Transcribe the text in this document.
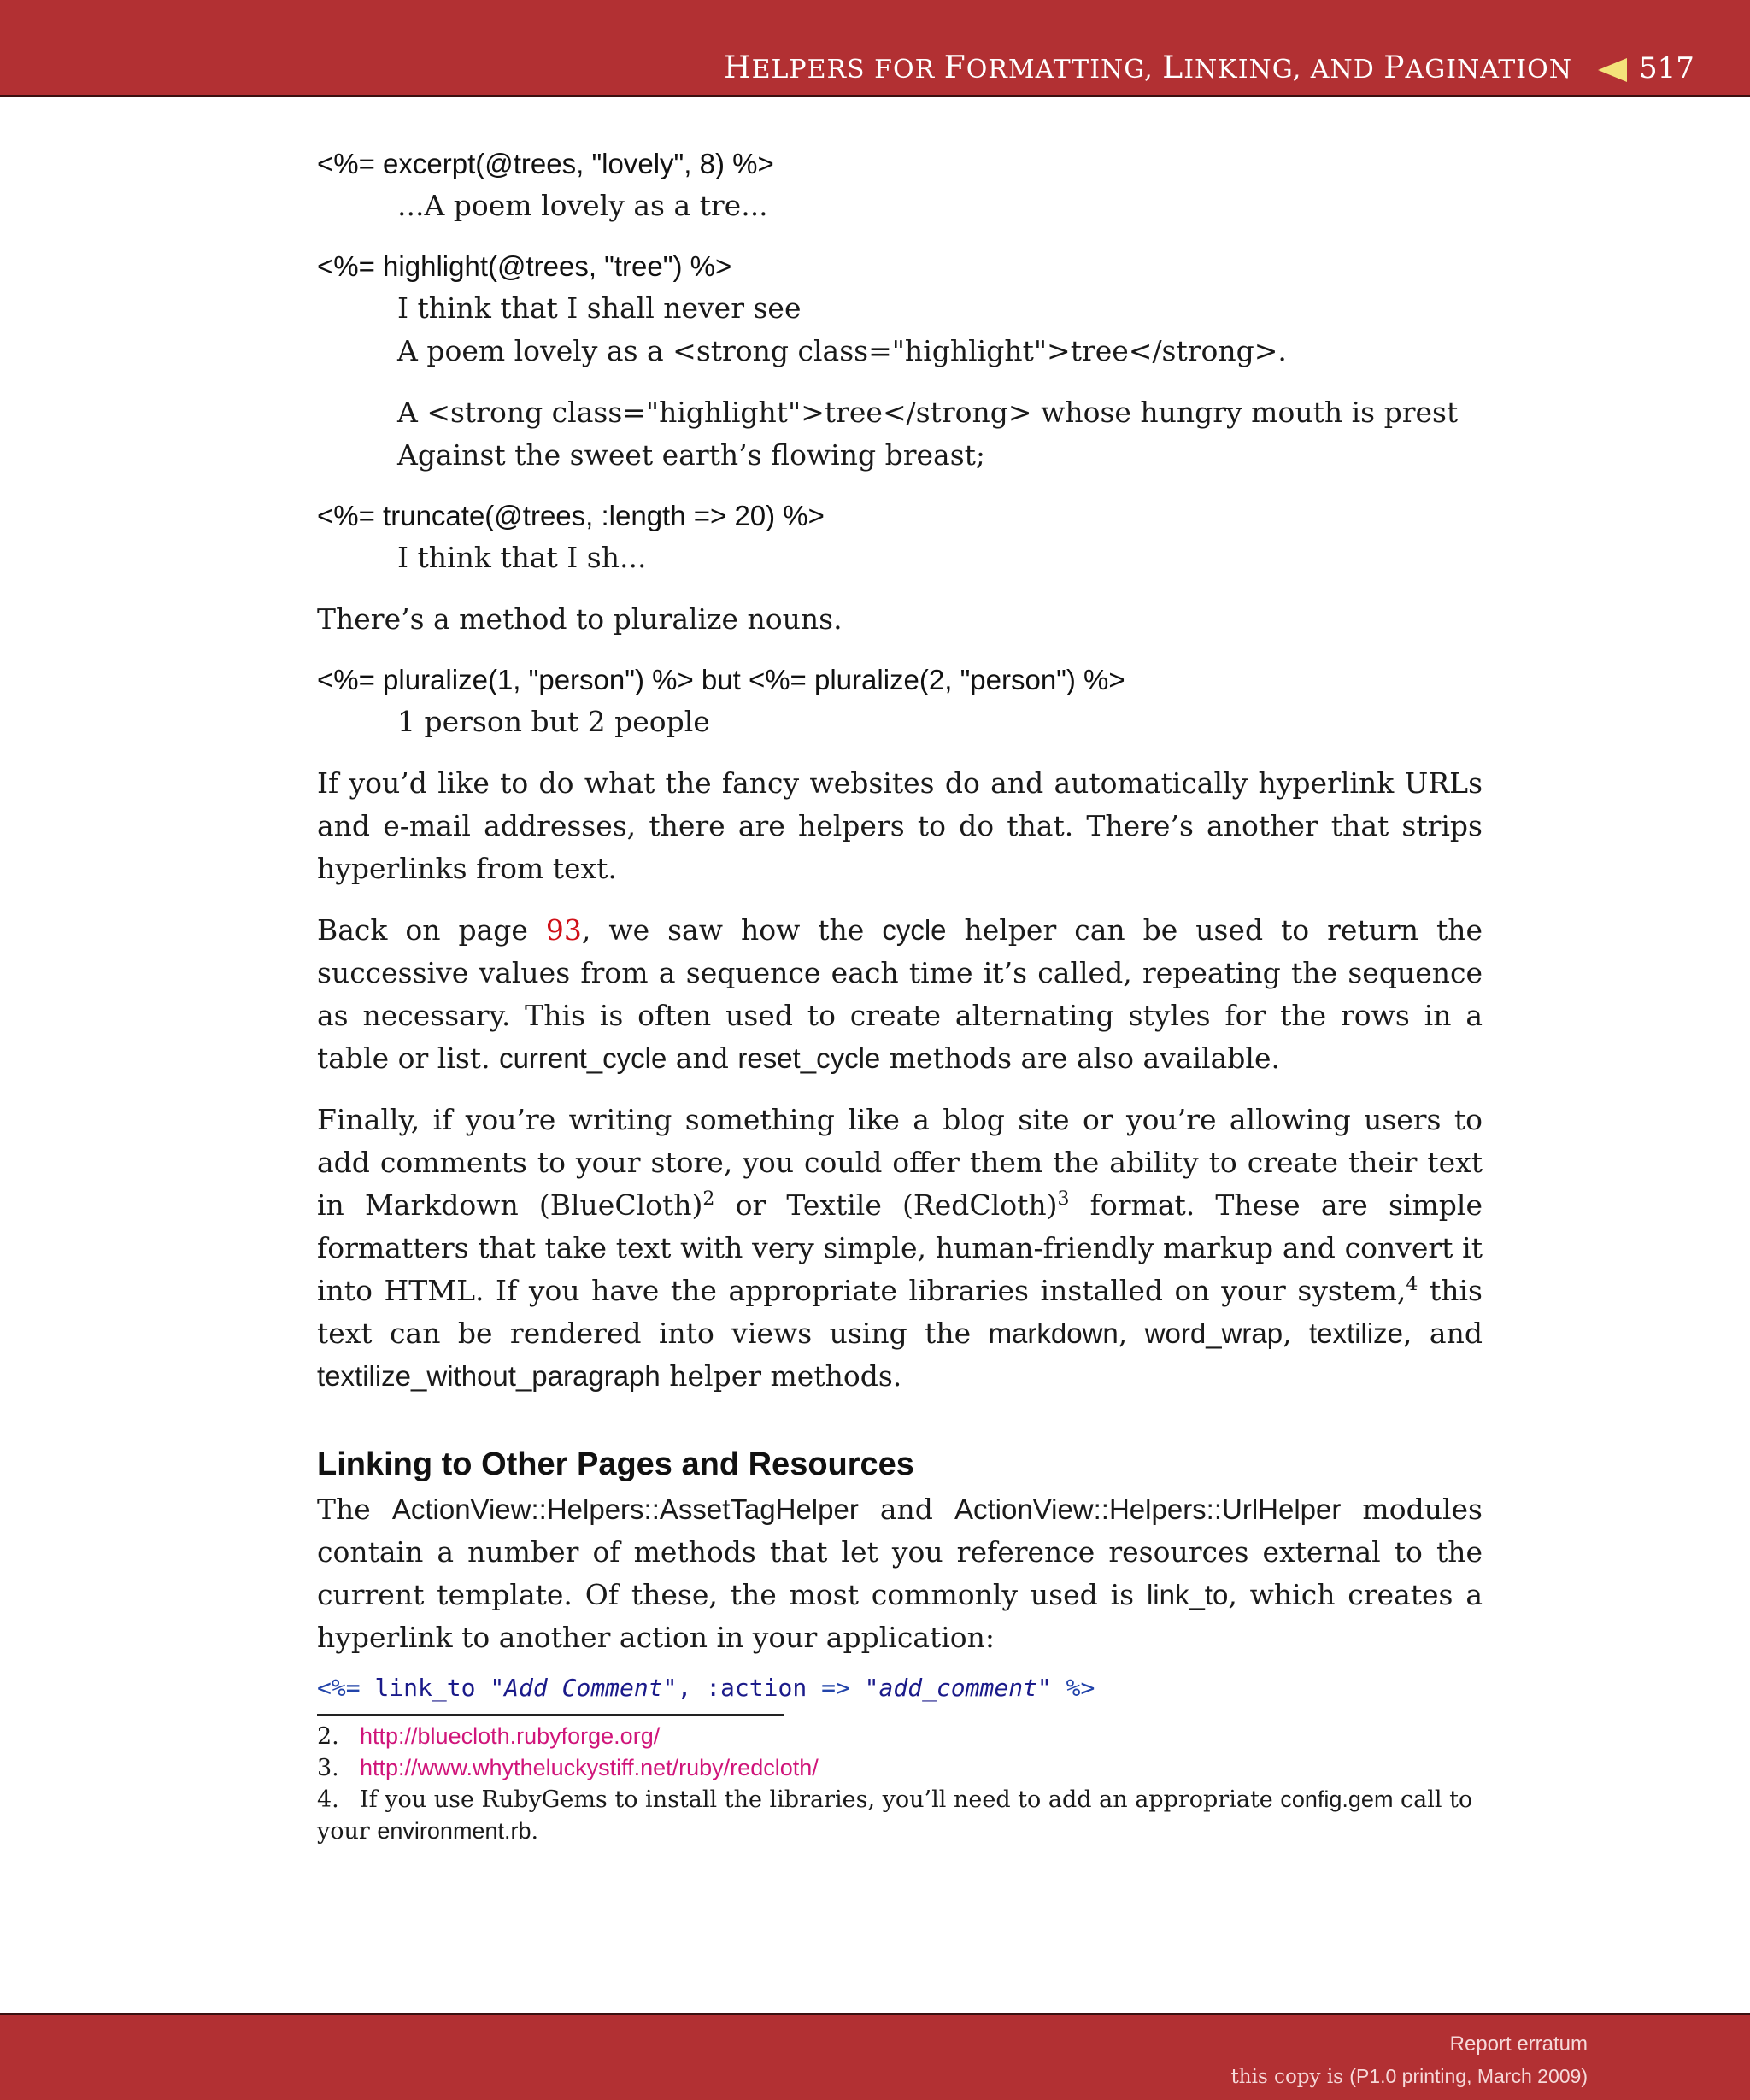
HELPERS FOR FORMATTING, LINKING, AND PAGINATION 517
<%= excerpt(@trees, "lovely", 8) %>
...A poem lovely as a tre...
<%= highlight(@trees, "tree") %>
I think that I shall never see
A poem lovely as a <strong class="highlight">tree</strong>.
A <strong class="highlight">tree</strong> whose hungry mouth is prest
Against the sweet earth’s flowing breast;
<%= truncate(@trees, :length => 20) %>
I think that I sh...

There’s a method to pluralize nouns.

<%= pluralize(1, "person") %> but <%= pluralize(2, "person") %>
1 person but 2 people

If you’d like to do what the fancy websites do and automatically hyperlink URLs and e-mail addresses, there are helpers to do that. There’s another that strips hyperlinks from text.

Back on page 93, we saw how the cycle helper can be used to return the successive values from a sequence each time it’s called, repeating the sequence as necessary. This is often used to create alternating styles for the rows in a table or list. current_cycle and reset_cycle methods are also available.

Finally, if you’re writing something like a blog site or you’re allowing users to add comments to your store, you could offer them the ability to create their text in Markdown (BlueCloth)$^2$ or Textile (RedCloth)$^3$ format. These are simple formatters that take text with very simple, human-friendly markup and convert it into HTML. If you have the appropriate libraries installed on your system,$^4$ this text can be rendered into views using the markdown, word_wrap, textilize, and textilize_without_paragraph helper methods.

Linking to Other Pages and Resources

The ActionView::Helpers::AssetTagHelper and ActionView::Helpers::UrlHelper modules contain a number of methods that let you reference resources external to the current template. Of these, the most commonly used is link_to, which creates a hyperlink to another action in your application:

<%= link_to "Add Comment", :action => "add_comment" %>
2. http://bluecloth.rubyforge.org/
3. http://www.whytheluckystiff.net/ruby/redcloth/
4. If you use RubyGems to install the libraries, you’ll need to add an appropriate config.gem call to your environment.rb.
Report erratum
this copy is (P1.0 printing, March 2009)
